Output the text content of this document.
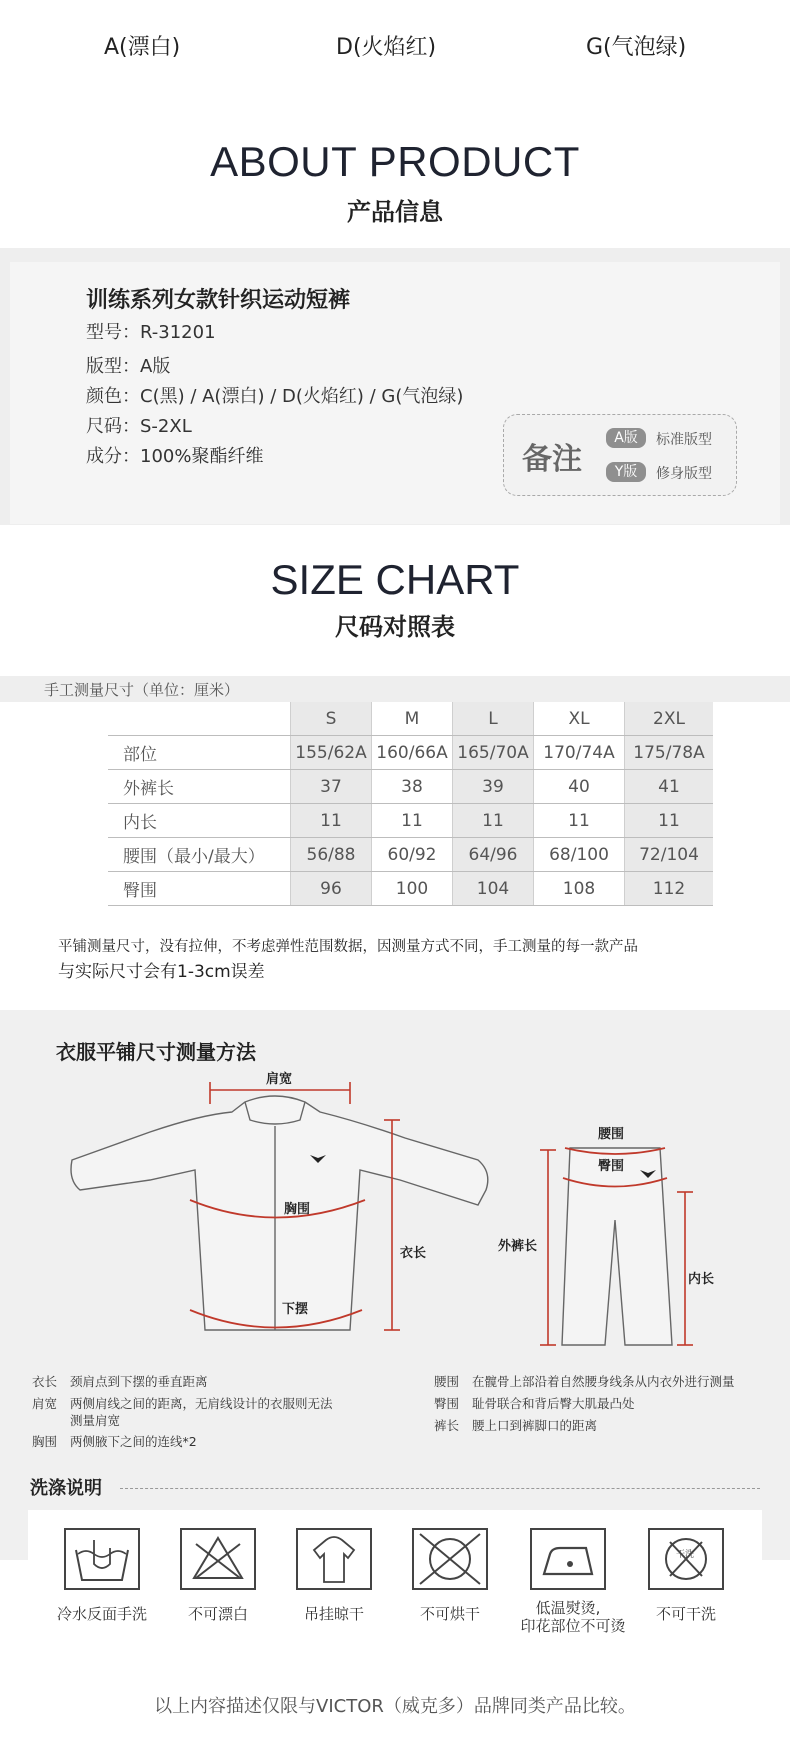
A(漂白)	D(火焰红)	G(气泡绿)
ABOUT PRODUCT
产品信息
训练系列女款针织运动短裤
型号：R-31201
版型：A版
颜色：C(黑) / A(漂白) / D(火焰红) / G(气泡绿)
尺码：S-2XL
成分：100%聚酯纤维	备注
A版	标准版型
Y版	修身版型
SIZE CHART
尺码对照表
手工测量尺寸（单位：厘米）
	S	M	L	XL	2XL
部位	155/62A	160/66A	165/70A	170/74A	175/78A
外裤长	37	38	39	40	41
内长	11	11	11	11	11
腰围（最小/最大）	56/88	60/92	64/96	68/100	72/104
臀围	96	100	104	108	112
平铺测量尺寸，没有拉伸，不考虑弹性范围数据，因测量方式不同，手工测量的每一款产品
与实际尺寸会有1-3cm误差
衣服平铺尺寸测量方法
肩宽
胸围
衣长
下摆
腰围
臀围
外裤长
内长
衣长 颈肩点到下摆的垂直距离
肩宽 两侧肩线之间的距离，无肩线设计的衣服则无法
测量肩宽
胸围 两侧腋下之间的连线*2
腰围 在髋骨上部沿着自然腰身线条从内衣外进行测量
臀围 耻骨联合和背后臀大肌最凸处
裤长 腰上口到裤脚口的距离
洗涤说明
冷水反面手洗	不可漂白	吊挂晾干	不可烘干	低温熨烫,
印花部位不可烫
干洗
不可干洗
以上内容描述仅限与VICTOR（威克多）品牌同类产品比较。
